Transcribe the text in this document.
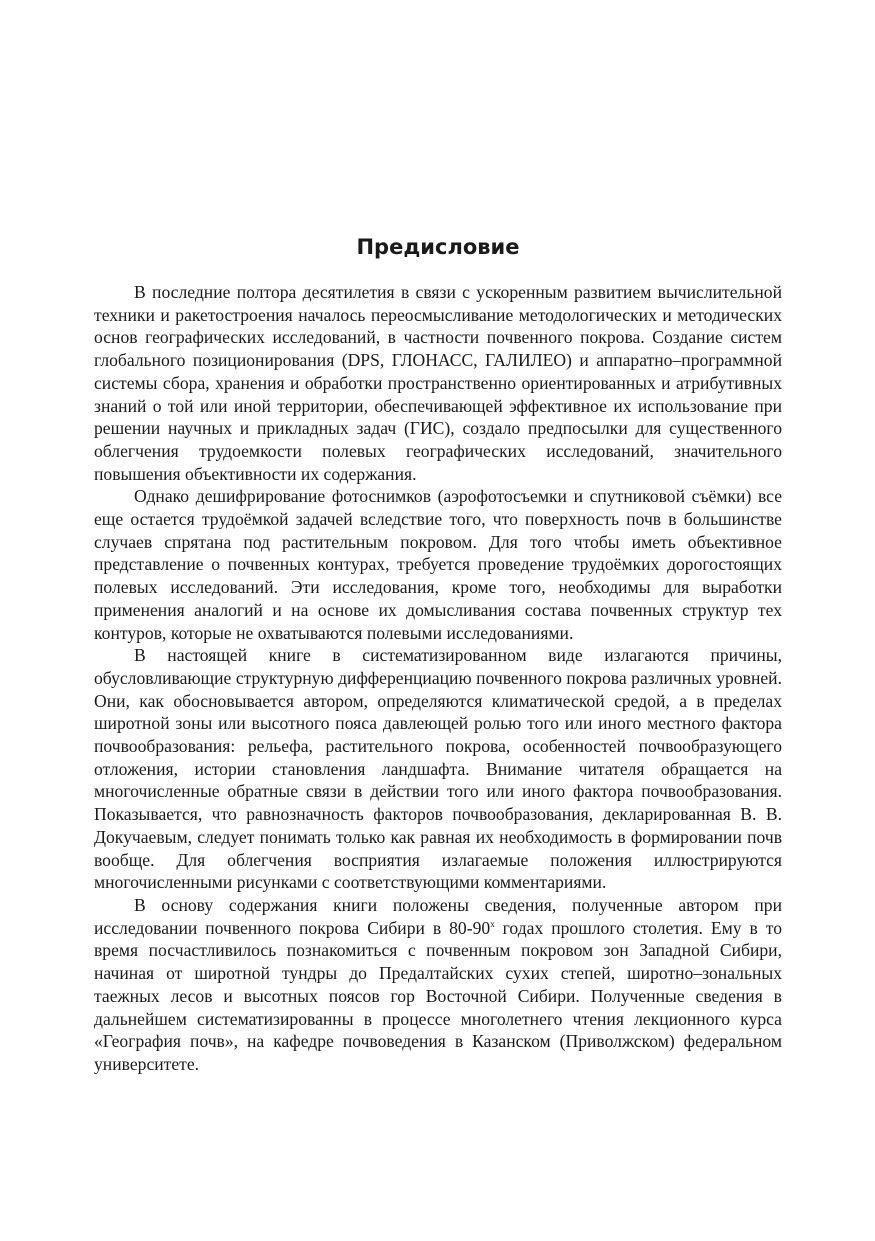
Предисловие

В последние полтора десятилетия в связи с ускоренным развитием вычислительной техники и ракетостроения началось переосмысливание методологических и методических основ географических исследований, в частности почвенного покрова. Создание систем глобального позиционирования (DPS, ГЛОНАСС, ГАЛИЛЕО) и аппаратно–программной системы сбора, хранения и обработки пространственно ориентированных и атрибутивных знаний о той или иной территории, обеспечивающей эффективное их использование при решении научных и прикладных задач (ГИС), создало предпосылки для существенного облегчения трудоемкости полевых географических исследований, значительного повышения объективности их содержания.

Однако дешифрирование фотоснимков (аэрофотосъемки и спутниковой съёмки) все еще остается трудоёмкой задачей вследствие того, что поверхность почв в большинстве случаев спрятана под растительным покровом. Для того чтобы иметь объективное представление о почвенных контурах, требуется проведение трудоёмких дорогостоящих полевых исследований. Эти исследования, кроме того, необходимы для выработки применения аналогий и на основе их домысливания состава почвенных структур тех контуров, которые не охватываются полевыми исследованиями.

В настоящей книге в систематизированном виде излагаются причины, обусловливающие структурную дифференциацию почвенного покрова различных уровней. Они, как обосновывается автором, определяются климатической средой, а в пределах широтной зоны или высотного пояса давлеющей ролью того или иного местного фактора почвообразования: рельефа, растительного покрова, особенностей почвообразующего отложения, истории становления ландшафта. Внимание читателя обращается на многочисленные обратные связи в действии того или иного фактора почвообразования. Показывается, что равнозначность факторов почвообразования, декларированная В. В. Докучаевым, следует понимать только как равная их необходимость в формировании почв вообще. Для облегчения восприятия излагаемые положения иллюстрируются многочисленными рисунками с соответствующими комментариями.

В основу содержания книги положены сведения, полученные автором при исследовании почвенного покрова Сибири в $80-90^х$ годах прошлого столетия. Ему в то время посчастливилось познакомиться с почвенным покровом зон Западной Сибири, начиная от широтной тундры до Предалтайских сухих степей, широтно–зональных таежных лесов и высотных поясов гор Восточной Сибири. Полученные сведения в дальнейшем систематизированны в процессе многолетнего чтения лекционного курса «География почв», на кафедре почвоведения в Казанском (Приволжском) федеральном университете.
